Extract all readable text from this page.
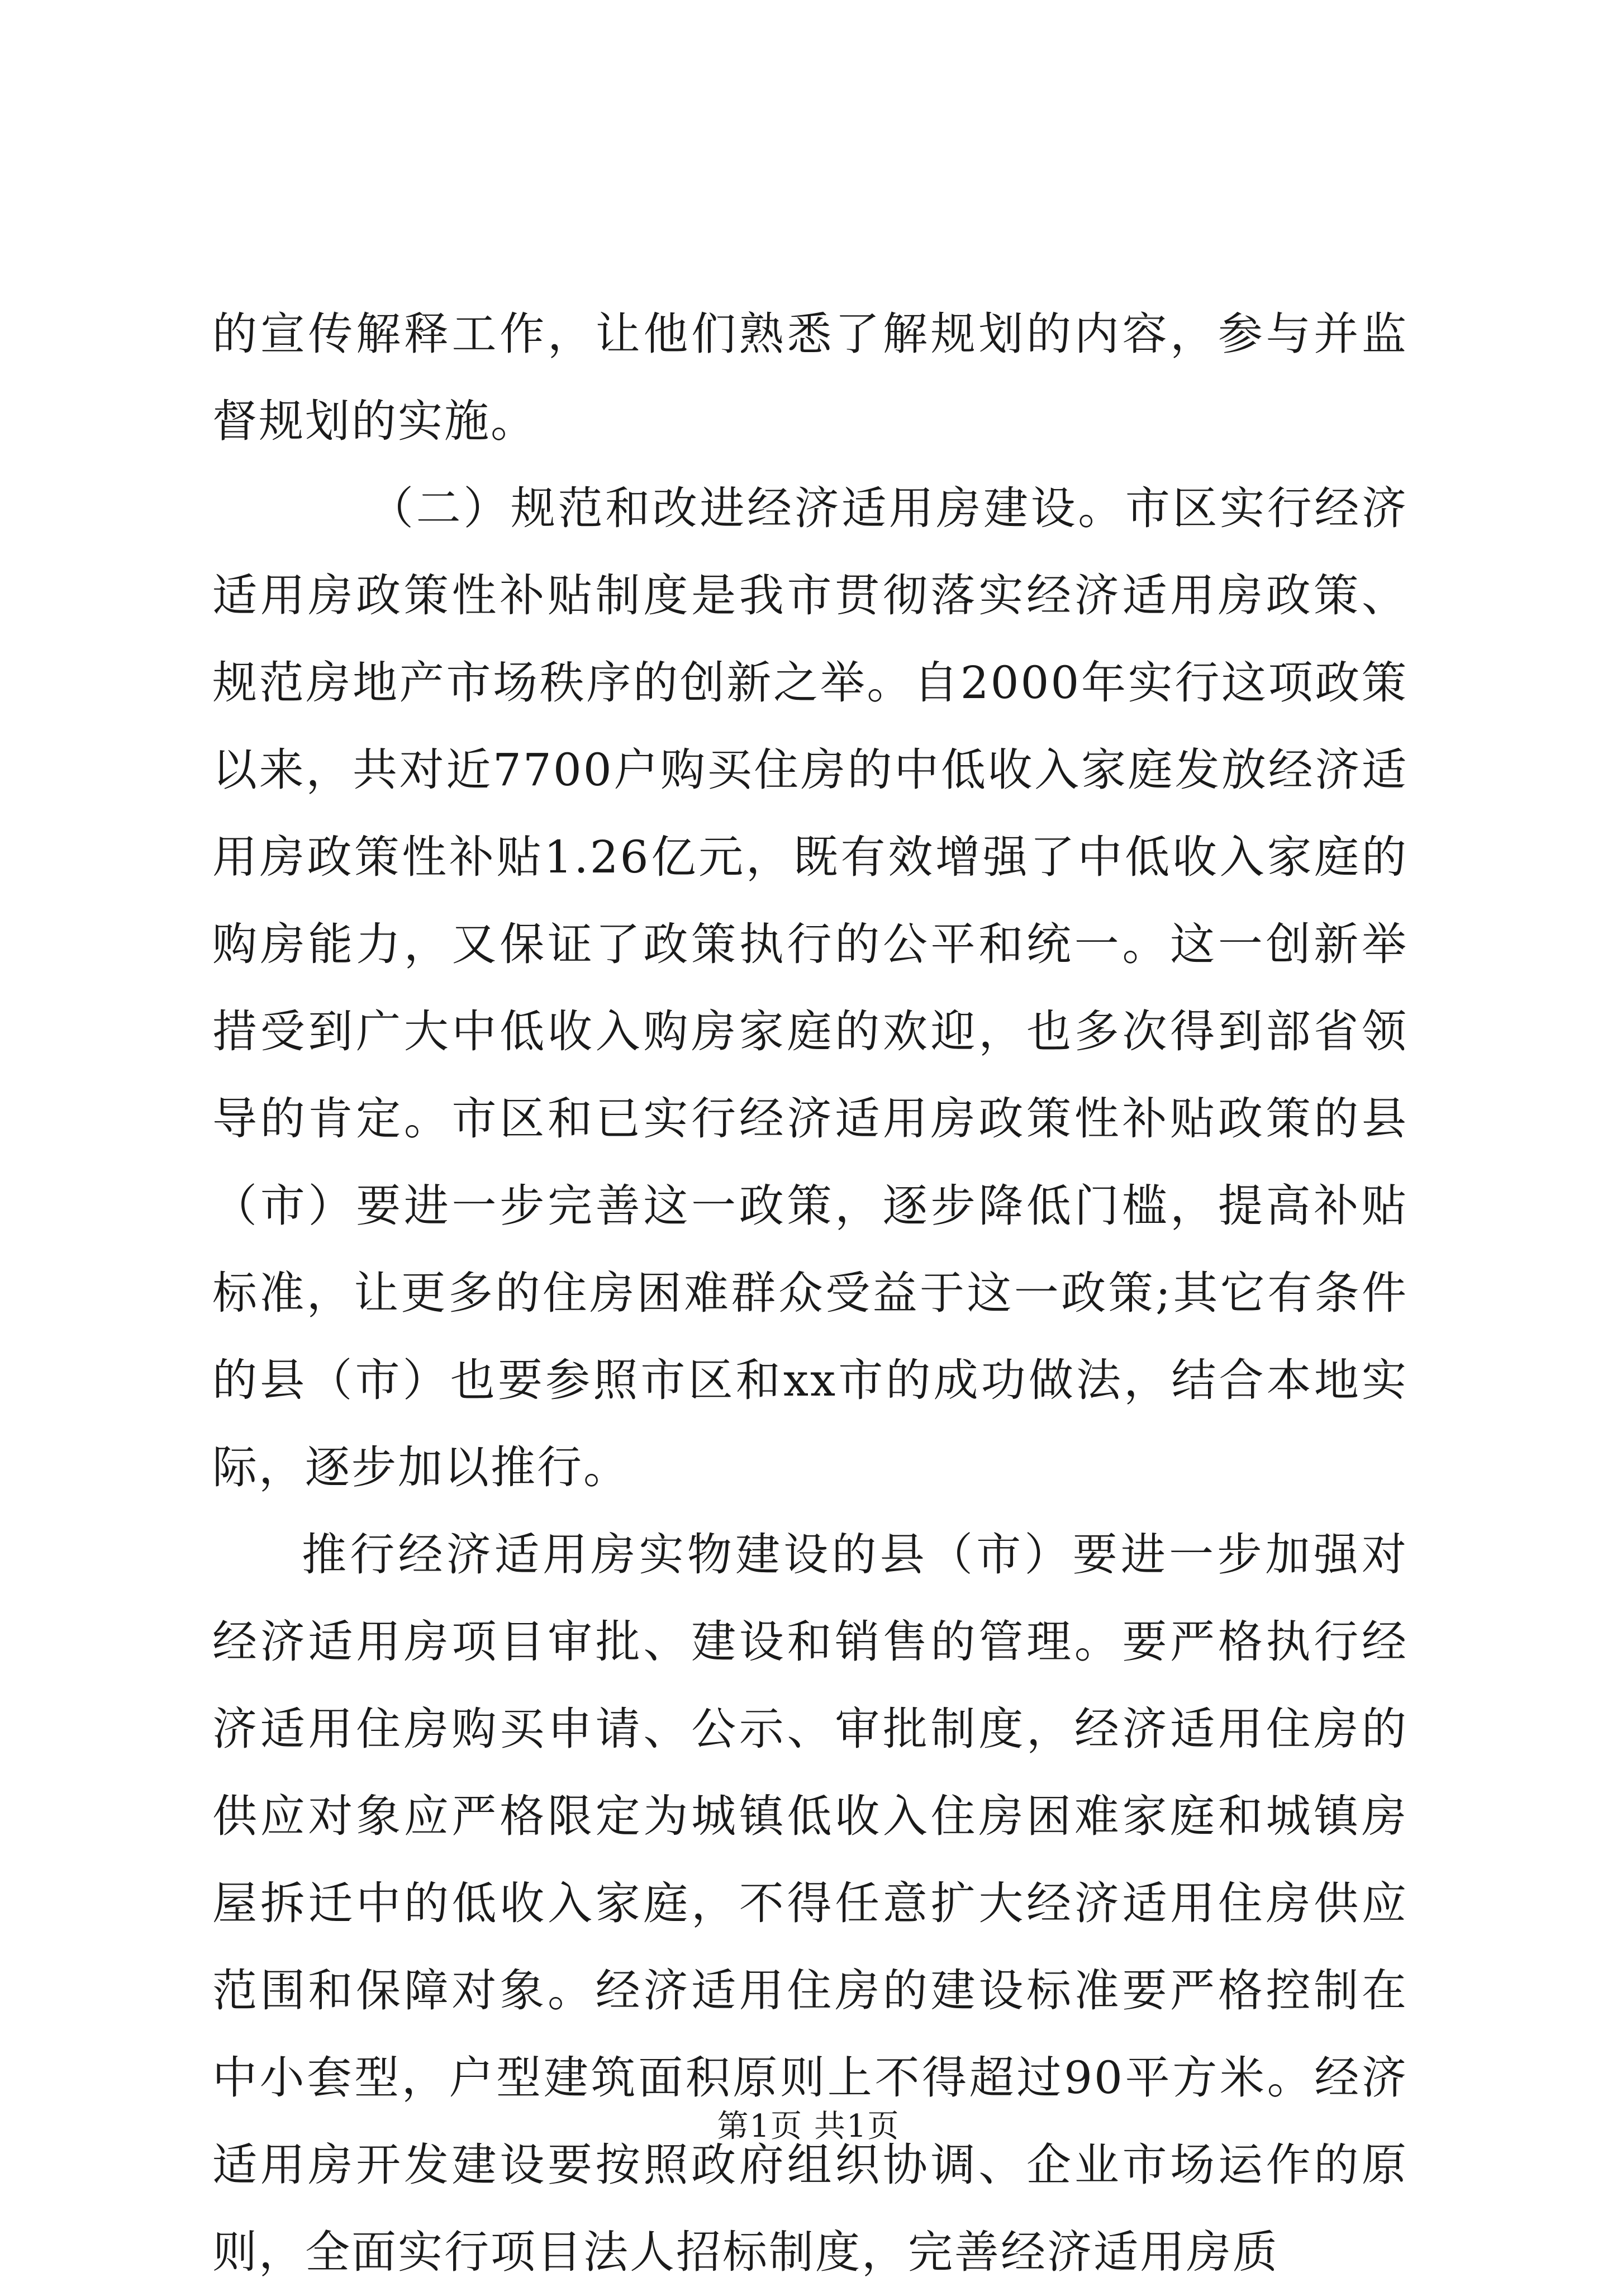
的宣传解释工作，让他们熟悉了解规划的内容，参与并监督规划的实施。

（二）规范和改进经济适用房建设。市区实行经济适用房政策性补贴制度是我市贯彻落实经济适用房政策、规范房地产市场秩序的创新之举。自2000年实行这项政策以来，共对近7700户购买住房的中低收入家庭发放经济适用房政策性补贴1.26亿元，既有效增强了中低收入家庭的购房能力，又保证了政策执行的公平和统一。这一创新举措受到广大中低收入购房家庭的欢迎，也多次得到部省领导的肯定。市区和已实行经济适用房政策性补贴政策的县（市）要进一步完善这一政策，逐步降低门槛，提高补贴标准，让更多的住房困难群众受益于这一政策;其它有条件的县（市）也要参照市区和xx市的成功做法，结合本地实际，逐步加以推行。

推行经济适用房实物建设的县（市）要进一步加强对经济适用房项目审批、建设和销售的管理。要严格执行经济适用住房购买申请、公示、审批制度，经济适用住房的供应对象应严格限定为城镇低收入住房困难家庭和城镇房屋拆迁中的低收入家庭，不得任意扩大经济适用住房供应范围和保障对象。经济适用住房的建设标准要严格控制在中小套型，户型建筑面积原则上不得超过90平方米。经济适用房开发建设要按照政府组织协调、企业市场运作的原则，全面实行项目法人招标制度，完善经济适用房质

第1页 共1页
